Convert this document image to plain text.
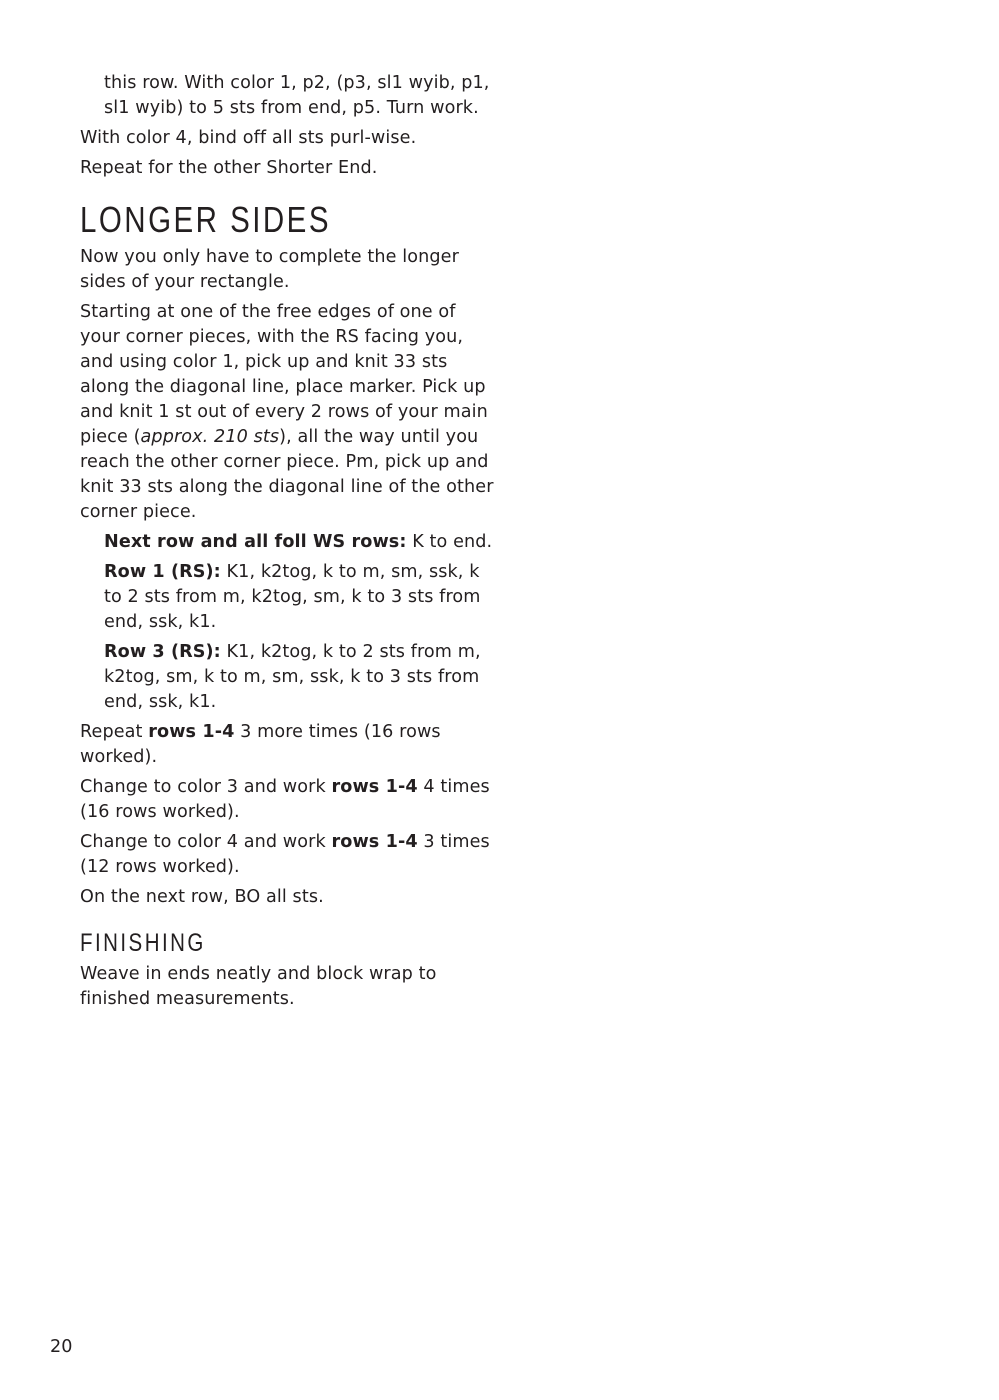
this row. With color 1, p2, (p3, sl1 wyib, p1, sl1 wyib) to 5 sts from end, p5. Turn work.

With color 4, bind off all sts purl-wise.

Repeat for the other Shorter End.

LONGER SIDES

Now you only have to complete the longer sides of your rectangle.

Starting at one of the free edges of one of your corner pieces, with the RS facing you, and using color 1, pick up and knit 33 sts along the diagonal line, place marker. Pick up and knit 1 st out of every 2 rows of your main piece (approx. 210 sts), all the way until you reach the other corner piece. Pm, pick up and knit 33 sts along the diagonal line of the other corner piece.

Next row and all foll WS rows: K to end.

Row 1 (RS): K1, k2tog, k to m, sm, ssk, k to 2 sts from m, k2tog, sm, k to 3 sts from end, ssk, k1.

Row 3 (RS): K1, k2tog, k to 2 sts from m, k2tog, sm, k to m, sm, ssk, k to 3 sts from end, ssk, k1.

Repeat rows 1-4 3 more times (16 rows worked).

Change to color 3 and work rows 1-4 4 times (16 rows worked).

Change to color 4 and work rows 1-4 3 times (12 rows worked).

On the next row, BO all sts.

FINISHING

Weave in ends neatly and block wrap to finished measurements.

20
